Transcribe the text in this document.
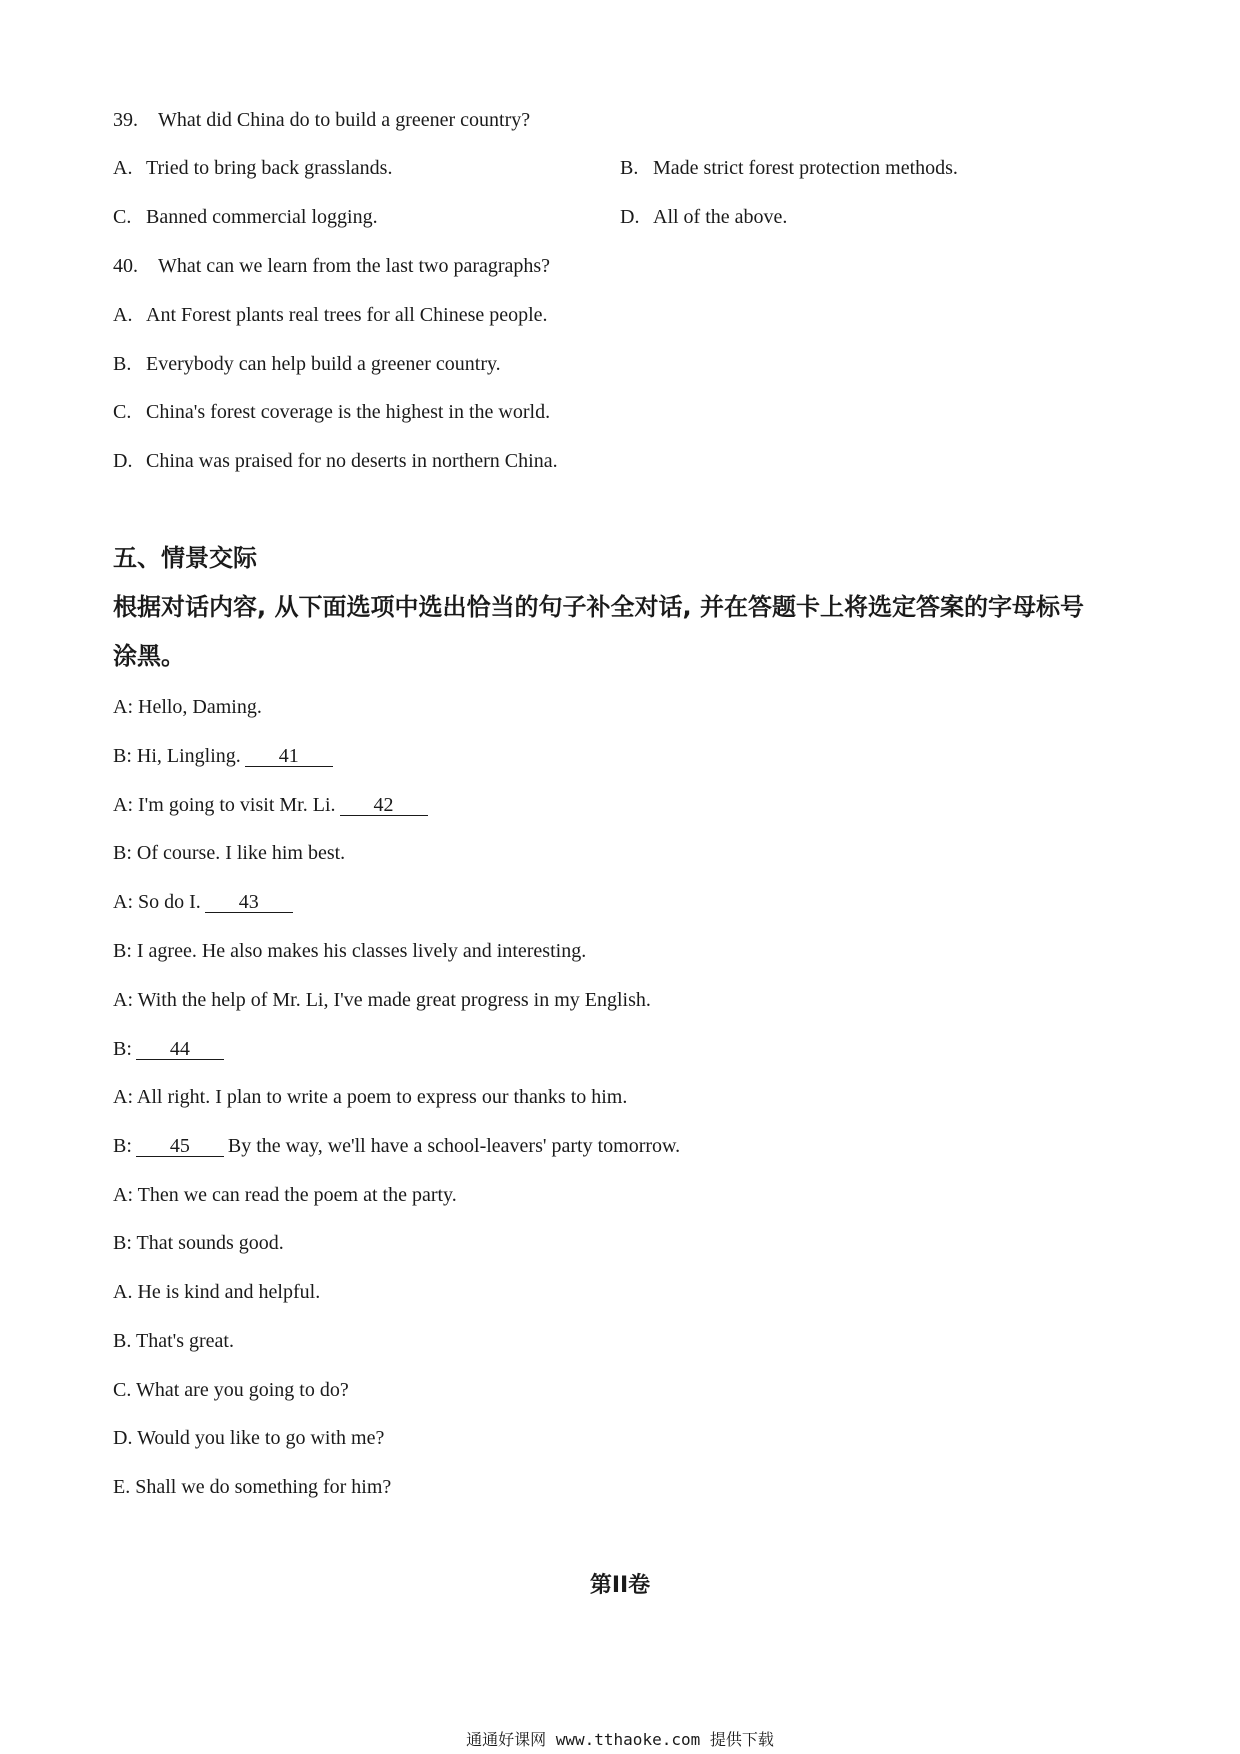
39. What did China do to build a greener country?
A. Tried to bring back grasslands.	B. Made strict forest protection methods.
C. Banned commercial logging.	D. All of the above.
40. What can we learn from the last two paragraphs?
A. Ant Forest plants real trees for all Chinese people.
B. Everybody can help build a greener country.
C. China's forest coverage is the highest in the world.
D. China was praised for no deserts in northern China.
五、情景交际
根据对话内容, 从下面选项中选出恰当的句子补全对话, 并在答题卡上将选定答案的字母标号
涂黑。
A: Hello, Daming.
B: Hi, Lingling. 41
A: I'm going to visit Mr. Li. 42
B: Of course. I like him best.
A: So do I. 43
B: I agree. He also makes his classes lively and interesting.
A: With the help of Mr. Li, I've made great progress in my English.
B: 44
A: All right. I plan to write a poem to express our thanks to him.
B: 45 By the way, we'll have a school-leavers' party tomorrow.
A: Then we can read the poem at the party.
B: That sounds good.
A. He is kind and helpful.
B. That's great.
C. What are you going to do?
D. Would you like to go with me?
E. Shall we do something for him?
第II卷
通通好课网 www.tthaoke.com 提供下载
